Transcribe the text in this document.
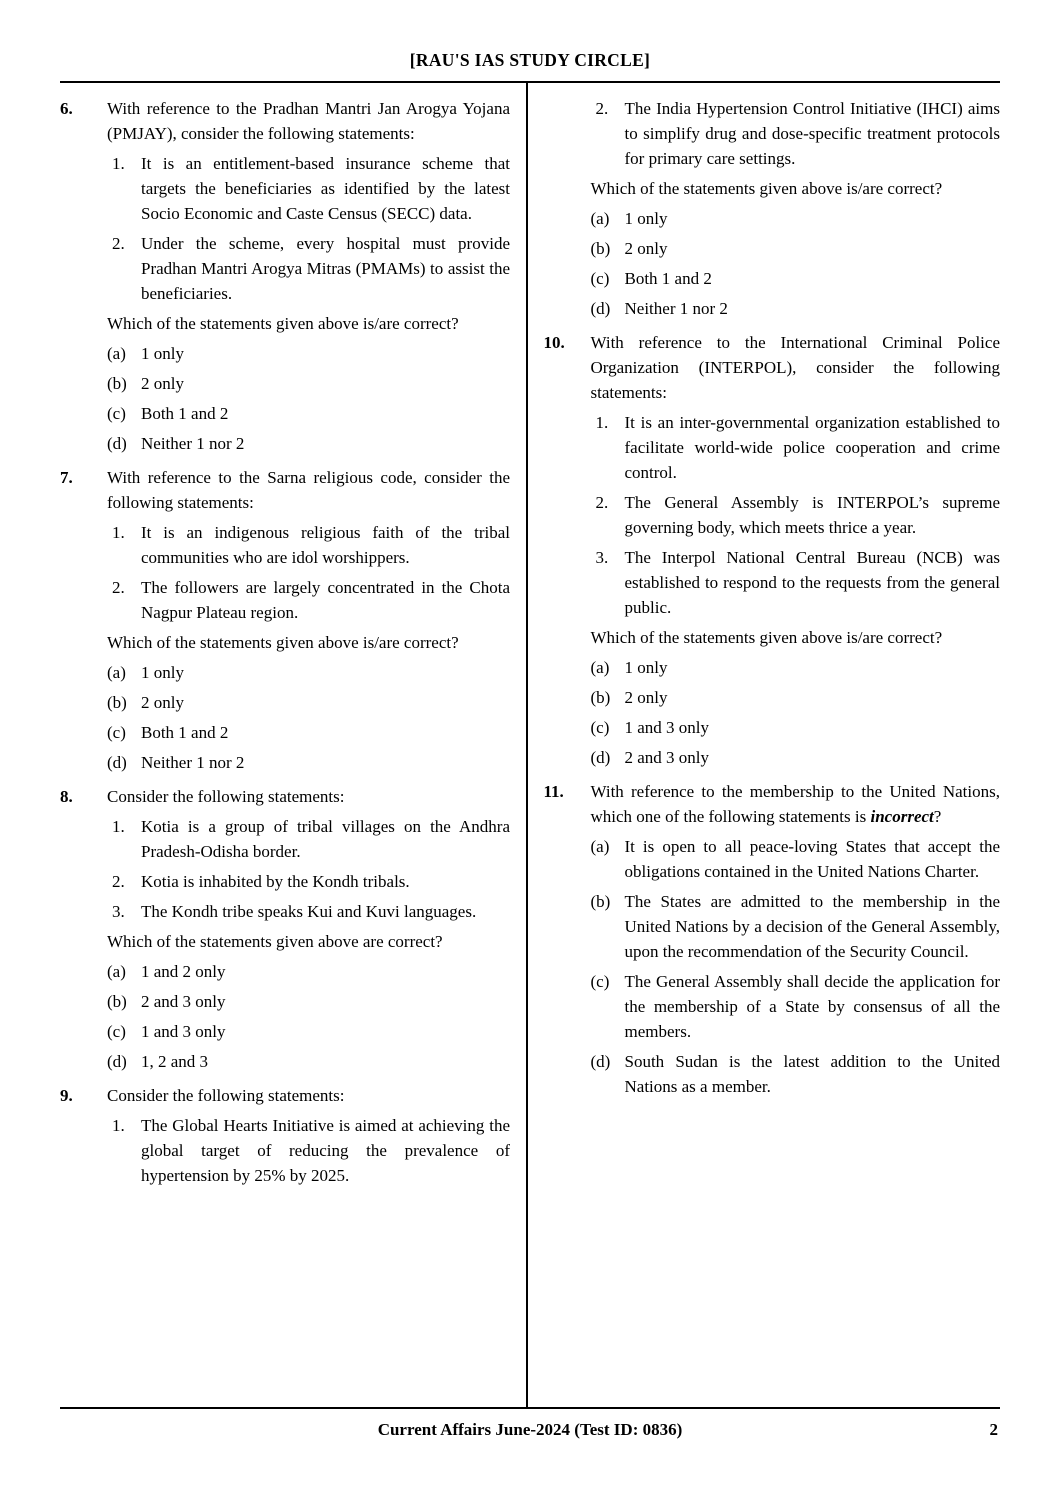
[RAU'S IAS STUDY CIRCLE]
6.	With reference to the Pradhan Mantri Jan Arogya Yojana (PMJAY), consider the following statements:

1. It is an entitlement-based insurance scheme that targets the beneficiaries as identified by the latest Socio Economic and Caste Census (SECC) data.

2. Under the scheme, every hospital must provide Pradhan Mantri Arogya Mitras (PMAMs) to assist the beneficiaries.

Which of the statements given above is/are correct?

(a) 1 only

(b) 2 only

(c) Both 1 and 2

(d) Neither 1 nor 2

7.	With reference to the Sarna religious code, consider the following statements:

1. It is an indigenous religious faith of the tribal communities who are idol worshippers.

2. The followers are largely concentrated in the Chota Nagpur Plateau region.

Which of the statements given above is/are correct?

(a) 1 only

(b) 2 only

(c) Both 1 and 2

(d) Neither 1 nor 2

8.	Consider the following statements:

1. Kotia is a group of tribal villages on the Andhra Pradesh-Odisha border.

2. Kotia is inhabited by the Kondh tribals.

3. The Kondh tribe speaks Kui and Kuvi languages.

Which of the statements given above are correct?

(a) 1 and 2 only

(b) 2 and 3 only

(c) 1 and 3 only

(d) 1, 2 and 3

9.	Consider the following statements:

1. The Global Hearts Initiative is aimed at achieving the global target of reducing the prevalence of hypertension by 25% by 2025.

2. The India Hypertension Control Initiative (IHCI) aims to simplify drug and dose-specific treatment protocols for primary care settings.

Which of the statements given above is/are correct?

(a) 1 only

(b) 2 only

(c) Both 1 and 2

(d) Neither 1 nor 2

10.	With reference to the International Criminal Police Organization (INTERPOL), consider the following statements:

1. It is an inter-governmental organization established to facilitate world-wide police cooperation and crime control.

2. The General Assembly is INTERPOL’s supreme governing body, which meets thrice a year.

3. The Interpol National Central Bureau (NCB) was established to respond to the requests from the general public.

Which of the statements given above is/are correct?

(a) 1 only

(b) 2 only

(c) 1 and 3 only

(d) 2 and 3 only

11.	With reference to the membership to the United Nations, which one of the following statements is incorrect?

(a) It is open to all peace-loving States that accept the obligations contained in the United Nations Charter.

(b) The States are admitted to the membership in the United Nations by a decision of the General Assembly, upon the recommendation of the Security Council.

(c) The General Assembly shall decide the application for the membership of a State by consensus of all the members.

(d) South Sudan is the latest addition to the United Nations as a member.

Current Affairs June-2024 (Test ID: 0836)	2
